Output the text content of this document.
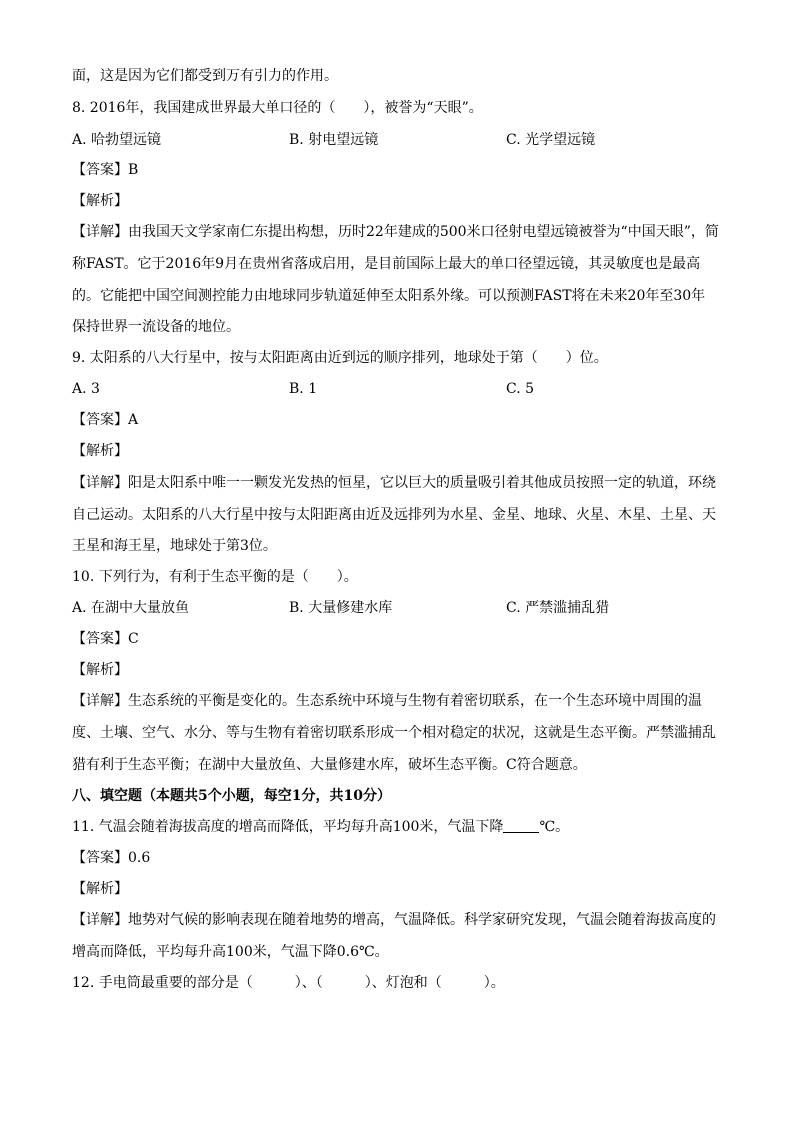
面，这是因为它们都受到万有引力的作用。
8. 2016年，我国建成世界最大单口径的（　　），被誉为“天眼”。
A. 哈勃望远镜	B. 射电望远镜	C. 光学望远镜
【答案】B
【解析】
【详解】由我国天文学家南仁东提出构想，历时22年建成的500米口径射电望远镜被誉为“中国天眼”，简
称FAST。它于2016年9月在贵州省落成启用，是目前国际上最大的单口径望远镜，其灵敏度也是最高
的。它能把中国空间测控能力由地球同步轨道延伸至太阳系外缘。可以预测FAST将在未来20年至30年
保持世界一流设备的地位。
9. 太阳系的八大行星中，按与太阳距离由近到远的顺序排列，地球处于第（　　）位。
A. 3	B. 1	C. 5
【答案】A
【解析】
【详解】阳是太阳系中唯一一颗发光发热的恒星，它以巨大的质量吸引着其他成员按照一定的轨道，环绕
自己运动。太阳系的八大行星中按与太阳距离由近及远排列为水星、金星、地球、火星、木星、土星、天
王星和海王星，地球处于第3位。
10. 下列行为，有利于生态平衡的是（　　）。
A. 在湖中大量放鱼	B. 大量修建水库	C. 严禁滥捕乱猎
【答案】C
【解析】
【详解】生态系统的平衡是变化的。生态系统中环境与生物有着密切联系，在一个生态环境中周围的温
度、土壤、空气、水分、等与生物有着密切联系形成一个相对稳定的状况，这就是生态平衡。严禁滥捕乱
猎有利于生态平衡；在湖中大量放鱼、大量修建水库，破坏生态平衡。C符合题意。
八、填空题（本题共5个小题，每空1分，共10分）
11. 气温会随着海拔高度的增高而降低，平均每升高100米，气温下降	℃。
【答案】0.6
【解析】
【详解】地势对气候的影响表现在随着地势的增高，气温降低。科学家研究发现，气温会随着海拔高度的
增高而降低，平均每升高100米，气温下降0.6℃。
12. 手电筒最重要的部分是（　　　）、（　　　）、灯泡和（　　　）。
